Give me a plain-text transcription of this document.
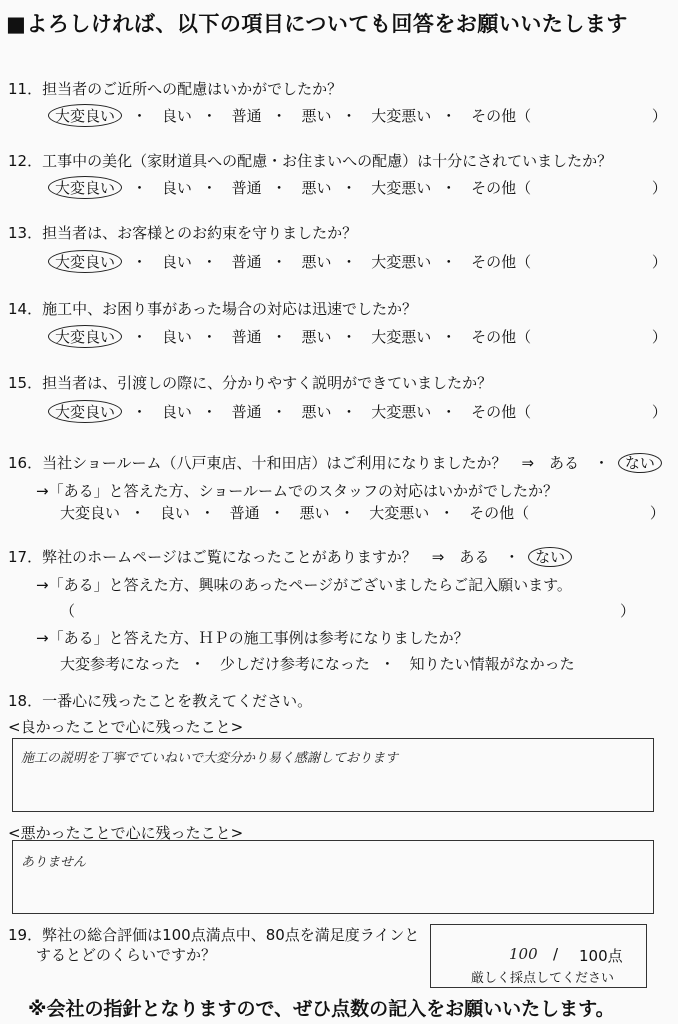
■よろしければ、以下の項目についても回答をお願いいたします
11．担当者のご近所への配慮はいかがでしたか？
大変良い ・ 良い ・ 普通 ・ 悪い ・ 大変悪い ・ その他（	）
12．工事中の美化（家財道具への配慮・お住まいへの配慮）は十分にされていましたか？
大変良い ・ 良い ・ 普通 ・ 悪い ・ 大変悪い ・ その他（	）
13．担当者は、お客様とのお約束を守りましたか？
大変良い ・ 良い ・ 普通 ・ 悪い ・ 大変悪い ・ その他（	）
14．施工中、お困り事があった場合の対応は迅速でしたか？
大変良い ・ 良い ・ 普通 ・ 悪い ・ 大変悪い ・ その他（	）
15．担当者は、引渡しの際に、分かりやすく説明ができていましたか？
大変良い ・ 良い ・ 普通 ・ 悪い ・ 大変悪い ・ その他（	）
16．当社ショールーム（八戸東店、十和田店）はご利用になりましたか？　⇒　ある　・ ない
→「ある」と答えた方、ショールームでのスタッフの対応はいかがでしたか？
大変良い ・ 良い ・ 普通 ・ 悪い ・ 大変悪い ・ その他（	）
17．弊社のホームページはご覧になったことがありますか？　⇒　ある　・ ない
→「ある」と答えた方、興味のあったページがございましたらご記入願います。
（	）
→「ある」と答えた方、ＨＰの施工事例は参考になりましたか？
大変参考になった ・ 少しだけ参考になった ・ 知りたい情報がなかった
18．一番心に残ったことを教えてください。
<良かったことで心に残ったこと>
施工の説明を丁寧でていねいで大変分かり易く感謝しております
<悪かったことで心に残ったこと>
ありません
19．弊社の総合評価は100点満点中、80点を満足度ラインと
するとどのくらいですか？	100 / 100点
厳しく採点してください
※会社の指針となりますので、ぜひ点数の記入をお願いいたします。
